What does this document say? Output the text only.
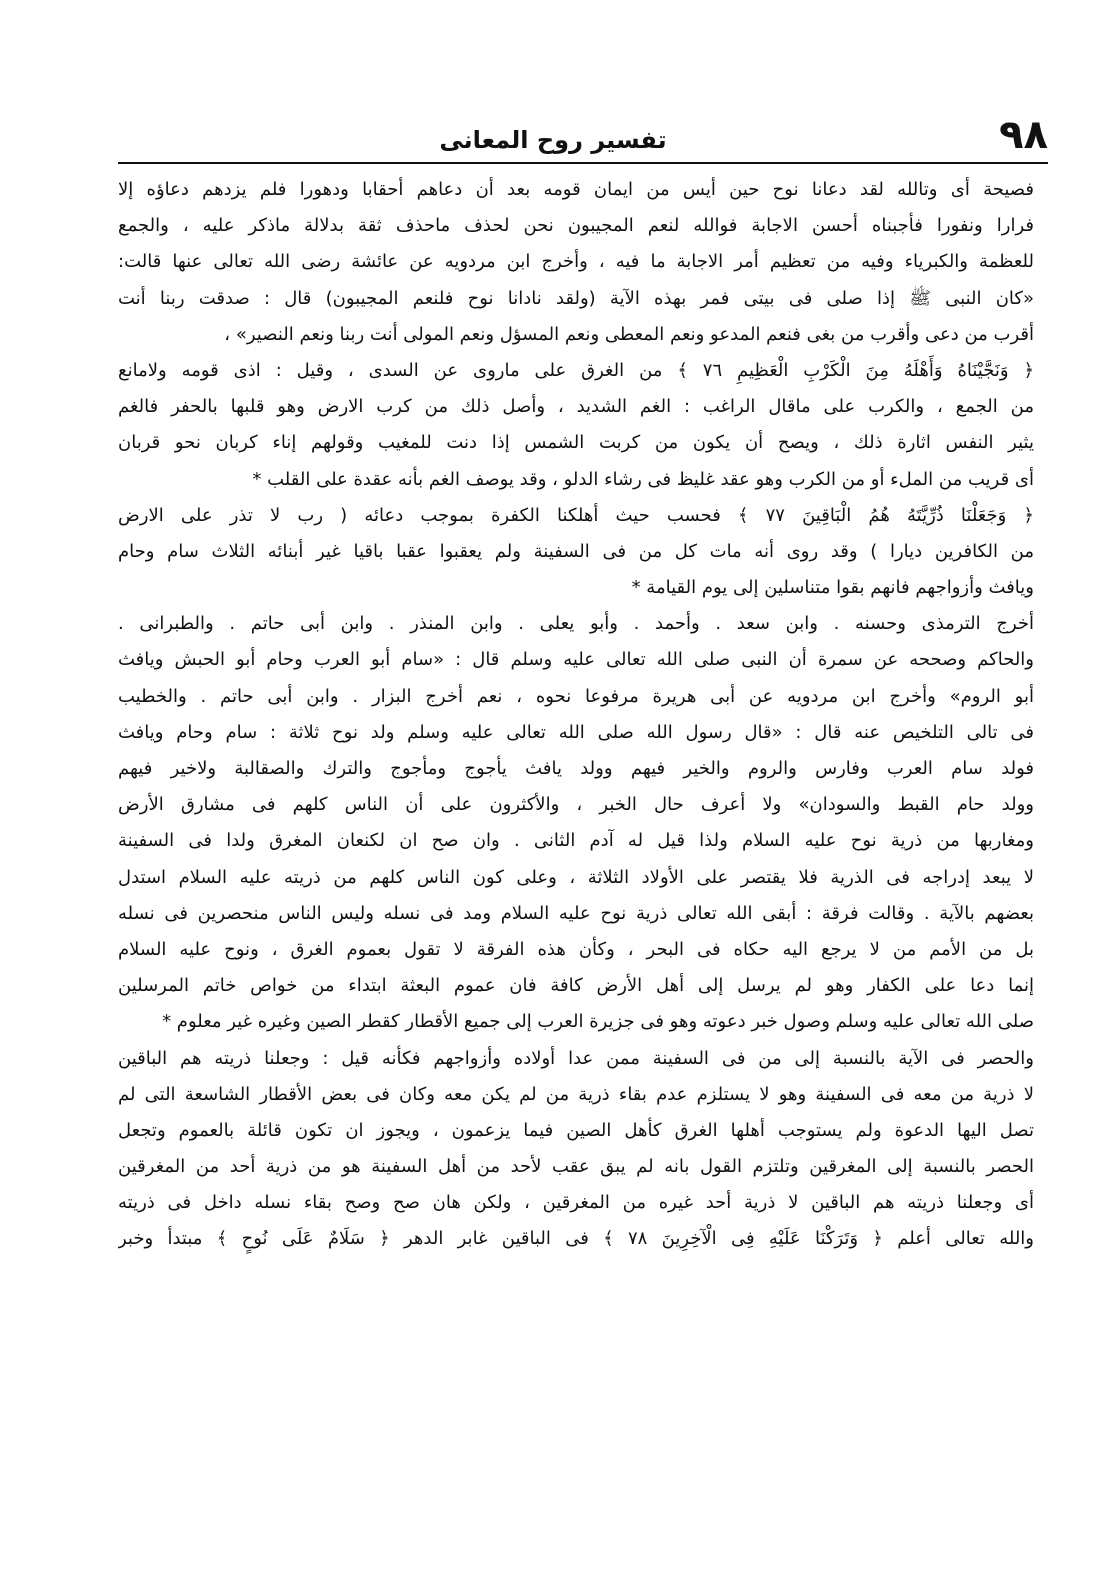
٩٨
تفسير روح المعانى
فصيحة أى وتالله لقد دعانا نوح حين أيس من ايمان قومه بعد أن دعاهم أحقابا ودهورا فلم يزدهم دعاؤه إلا
فرارا ونفورا فأجبناه أحسن الاجابة فوالله لنعم المجيبون نحن لحذف ماحذف ثقة بدلالة ماذكر عليه ، والجمع
للعظمة والكبرياء وفيه من تعظيم أمر الاجابة ما فيه ، وأخرج ابن مردويه عن عائشة رضى الله تعالى عنها قالت:
«كان النبى ﷺ إذا صلى فى بيتى فمر بهذه الآية (ولقد نادانا نوح فلنعم المجيبون) قال : صدقت ربنا أنت
أقرب من دعى وأقرب من بغى فنعم المدعو ونعم المعطى ونعم المسؤل ونعم المولى أنت ربنا ونعم النصير» ،
﴿ وَنَجَّيْنَاهُ وَأَهْلَهُ مِنَ الْكَرْبِ الْعَظِيمِ ٧٦ ﴾ من الغرق على ماروى عن السدى ، وقيل : اذى قومه ولامانع
من الجمع ، والكرب على ماقال الراغب : الغم الشديد ، وأصل ذلك من كرب الارض وهو قلبها بالحفر فالغم
يثير النفس اثارة ذلك ، ويصح أن يكون من كربت الشمس إذا دنت للمغيب وقولهم إناء كربان نحو قربان
أى قريب من الملء أو من الكرب وهو عقد غليظ فى رشاء الدلو ، وقد يوصف الغم بأنه عقدة على القلب *
﴿ وَجَعَلْنَا ذُرِّيَّتَهُ هُمُ الْبَاقِينَ ٧٧ ﴾ فحسب حيث أهلكنا الكفرة بموجب دعائه ( رب لا تذر على الارض
من الكافرين ديارا ) وقد روى أنه مات كل من فى السفينة ولم يعقبوا عقبا باقيا غير أبنائه الثلاث سام وحام
ويافث وأزواجهم فانهم بقوا متناسلين إلى يوم القيامة *
أخرج الترمذى وحسنه . وابن سعد . وأحمد . وأبو يعلى . وابن المنذر . وابن أبى حاتم . والطبرانى .
والحاكم وصححه عن سمرة أن النبى صلى الله تعالى عليه وسلم قال : «سام أبو العرب وحام أبو الحبش ويافث
أبو الروم» وأخرج ابن مردويه عن أبى هريرة مرفوعا نحوه ، نعم أخرج البزار . وابن أبى حاتم . والخطيب
فى تالى التلخيص عنه قال : «قال رسول الله صلى الله تعالى عليه وسلم ولد نوح ثلاثة : سام وحام ويافث
فولد سام العرب وفارس والروم والخير فيهم وولد يافث يأجوج ومأجوج والترك والصقالبة ولاخير فيهم
وولد حام القبط والسودان» ولا أعرف حال الخبر ، والأكثرون على أن الناس كلهم فى مشارق الأرض
ومغاربها من ذرية نوح عليه السلام ولذا قيل له آدم الثانى . وان صح ان لكنعان المغرق ولدا فى السفينة
لا يبعد إدراجه فى الذرية فلا يقتصر على الأولاد الثلاثة ، وعلى كون الناس كلهم من ذريته عليه السلام استدل
بعضهم بالآية . وقالت فرقة : أبقى الله تعالى ذرية نوح عليه السلام ومد فى نسله وليس الناس منحصرين فى نسله
بل من الأمم من لا يرجع اليه حكاه فى البحر ، وكأن هذه الفرقة لا تقول بعموم الغرق ، ونوح عليه السلام
إنما دعا على الكفار وهو لم يرسل إلى أهل الأرض كافة فان عموم البعثة ابتداء من خواص خاتم المرسلين
صلى الله تعالى عليه وسلم وصول خبر دعوته وهو فى جزيرة العرب إلى جميع الأقطار كقطر الصين وغيره غير معلوم *
والحصر فى الآية بالنسبة إلى من فى السفينة ممن عدا أولاده وأزواجهم فكأنه قيل : وجعلنا ذريته هم الباقين
لا ذرية من معه فى السفينة وهو لا يستلزم عدم بقاء ذرية من لم يكن معه وكان فى بعض الأقطار الشاسعة التى لم
تصل اليها الدعوة ولم يستوجب أهلها الغرق كأهل الصين فيما يزعمون ، ويجوز ان تكون قائلة بالعموم وتجعل
الحصر بالنسبة إلى المغرقين وتلتزم القول بانه لم يبق عقب لأحد من أهل السفينة هو من ذرية أحد من المغرقين
أى وجعلنا ذريته هم الباقين لا ذرية أحد غيره من المغرقين ، ولكن هان صح وصح بقاء نسله داخل فى ذريته
والله تعالى أعلم ﴿ وَتَرَكْنَا عَلَيْهِ فِى الْآخِرِينَ ٧٨ ﴾ فى الباقين غابر الدهر ﴿ سَلَامٌ عَلَى نُوحٍ ﴾ مبتدأ وخبر
